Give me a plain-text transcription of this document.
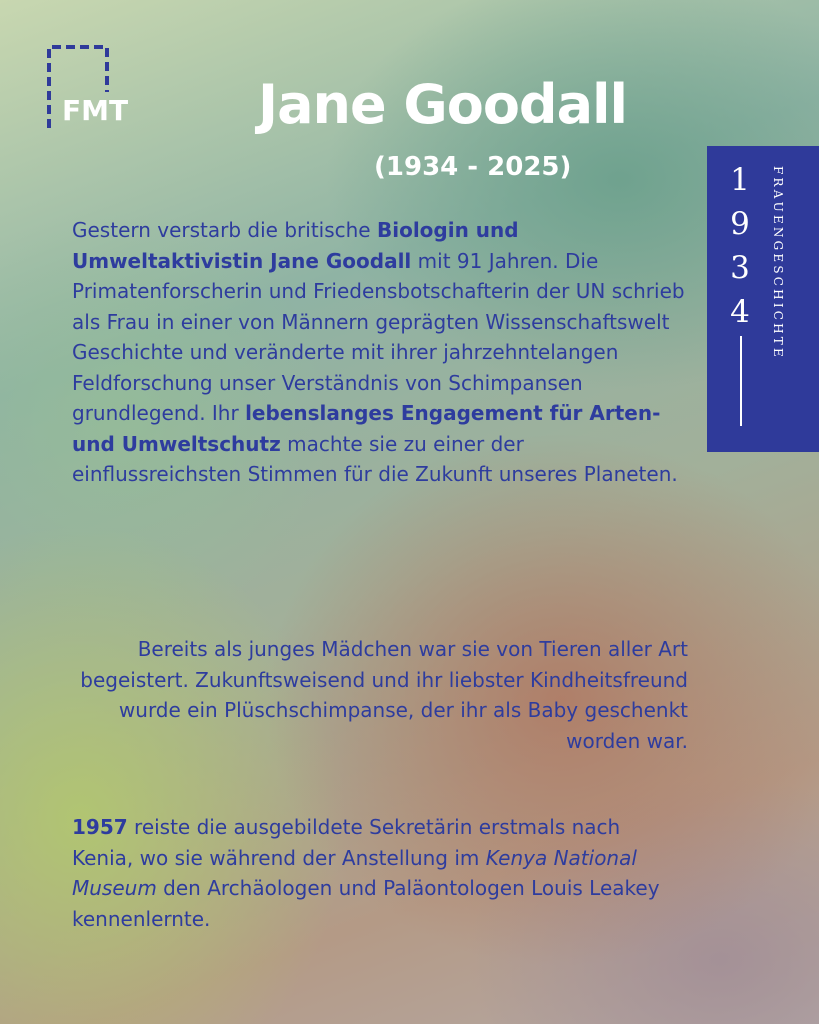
FMT Jane Goodall
(1934 - 2025)	1
9
3
4	FRAUENGESCHICHTE

Gestern verstarb die britische Biologin und Umweltaktivistin Jane Goodall mit 91 Jahren. Die Primatenforscherin und Friedensbotschafterin der UN schrieb als Frau in einer von Männern geprägten Wissenschaftswelt Geschichte und veränderte mit ihrer jahrzehntelangen Feldforschung unser Verständnis von Schimpansen grundlegend. Ihr lebenslanges Engagement für Arten- und Umweltschutz machte sie zu einer der einflussreichsten Stimmen für die Zukunft unseres Planeten.

Bereits als junges Mädchen war sie von Tieren aller Art begeistert. Zukunftsweisend und ihr liebster Kindheitsfreund wurde ein Plüschschimpanse, der ihr als Baby geschenkt worden war.

1957 reiste die ausgebildete Sekretärin erstmals nach Kenia, wo sie während der Anstellung im Kenya National Museum den Archäologen und Paläontologen Louis Leakey kennenlernte.
